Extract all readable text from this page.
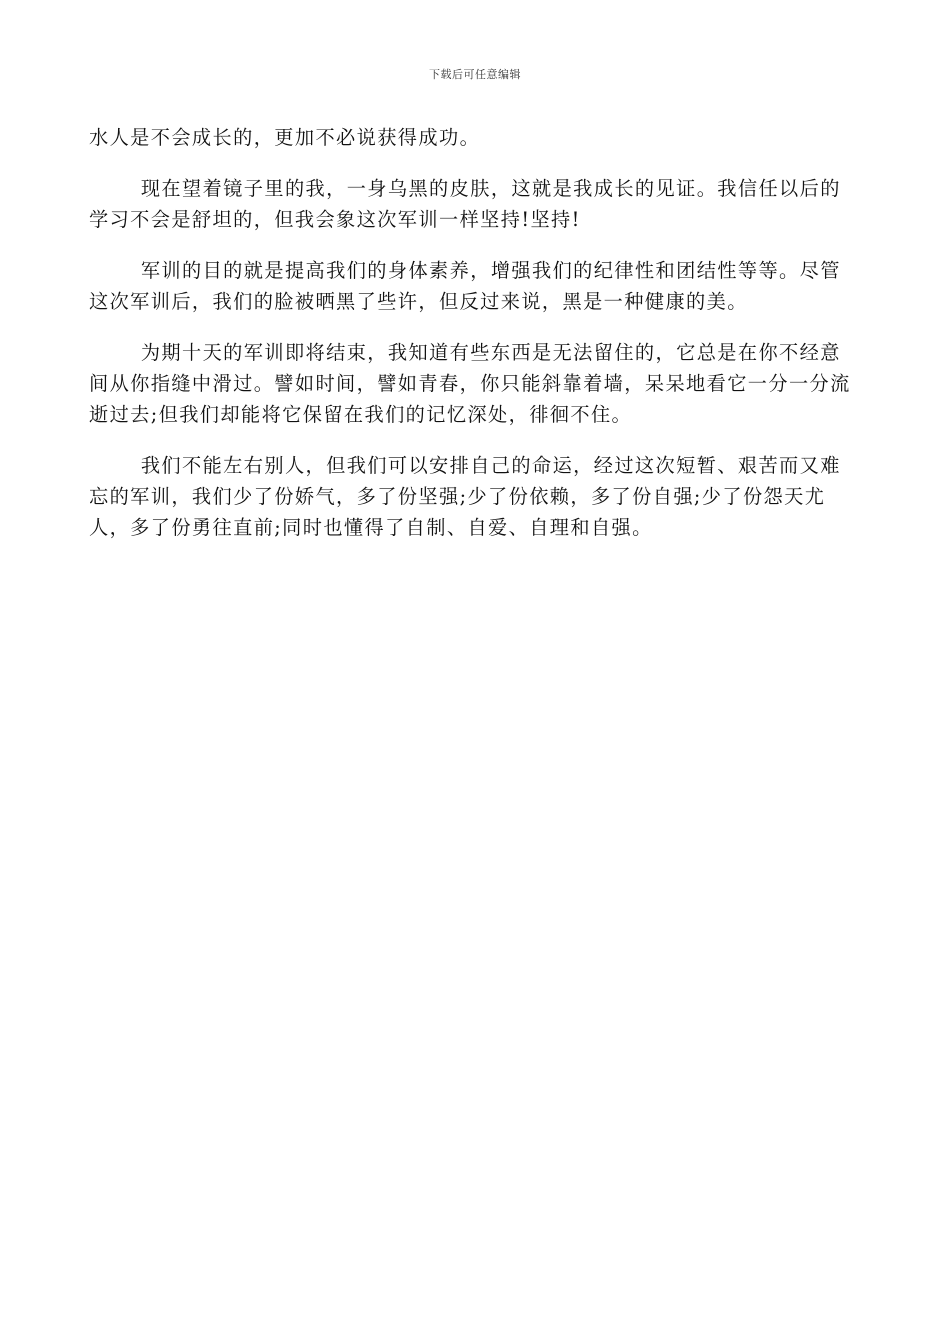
下载后可任意编辑

水人是不会成长的，更加不必说获得成功。

现在望着镜子里的我，一身乌黑的皮肤，这就是我成长的见证。我信任以后的学习不会是舒坦的，但我会象这次军训一样坚持!坚持!

军训的目的就是提高我们的身体素养，增强我们的纪律性和团结性等等。尽管这次军训后，我们的脸被晒黑了些许，但反过来说，黑是一种健康的美。

为期十天的军训即将结束，我知道有些东西是无法留住的，它总是在你不经意间从你指缝中滑过。譬如时间，譬如青春，你只能斜靠着墙，呆呆地看它一分一分流逝过去;但我们却能将它保留在我们的记忆深处，徘徊不住。

我们不能左右别人，但我们可以安排自己的命运，经过这次短暂、艰苦而又难忘的军训，我们少了份娇气，多了份坚强;少了份依赖，多了份自强;少了份怨天尤人，多了份勇往直前;同时也懂得了自制、自爱、自理和自强。
